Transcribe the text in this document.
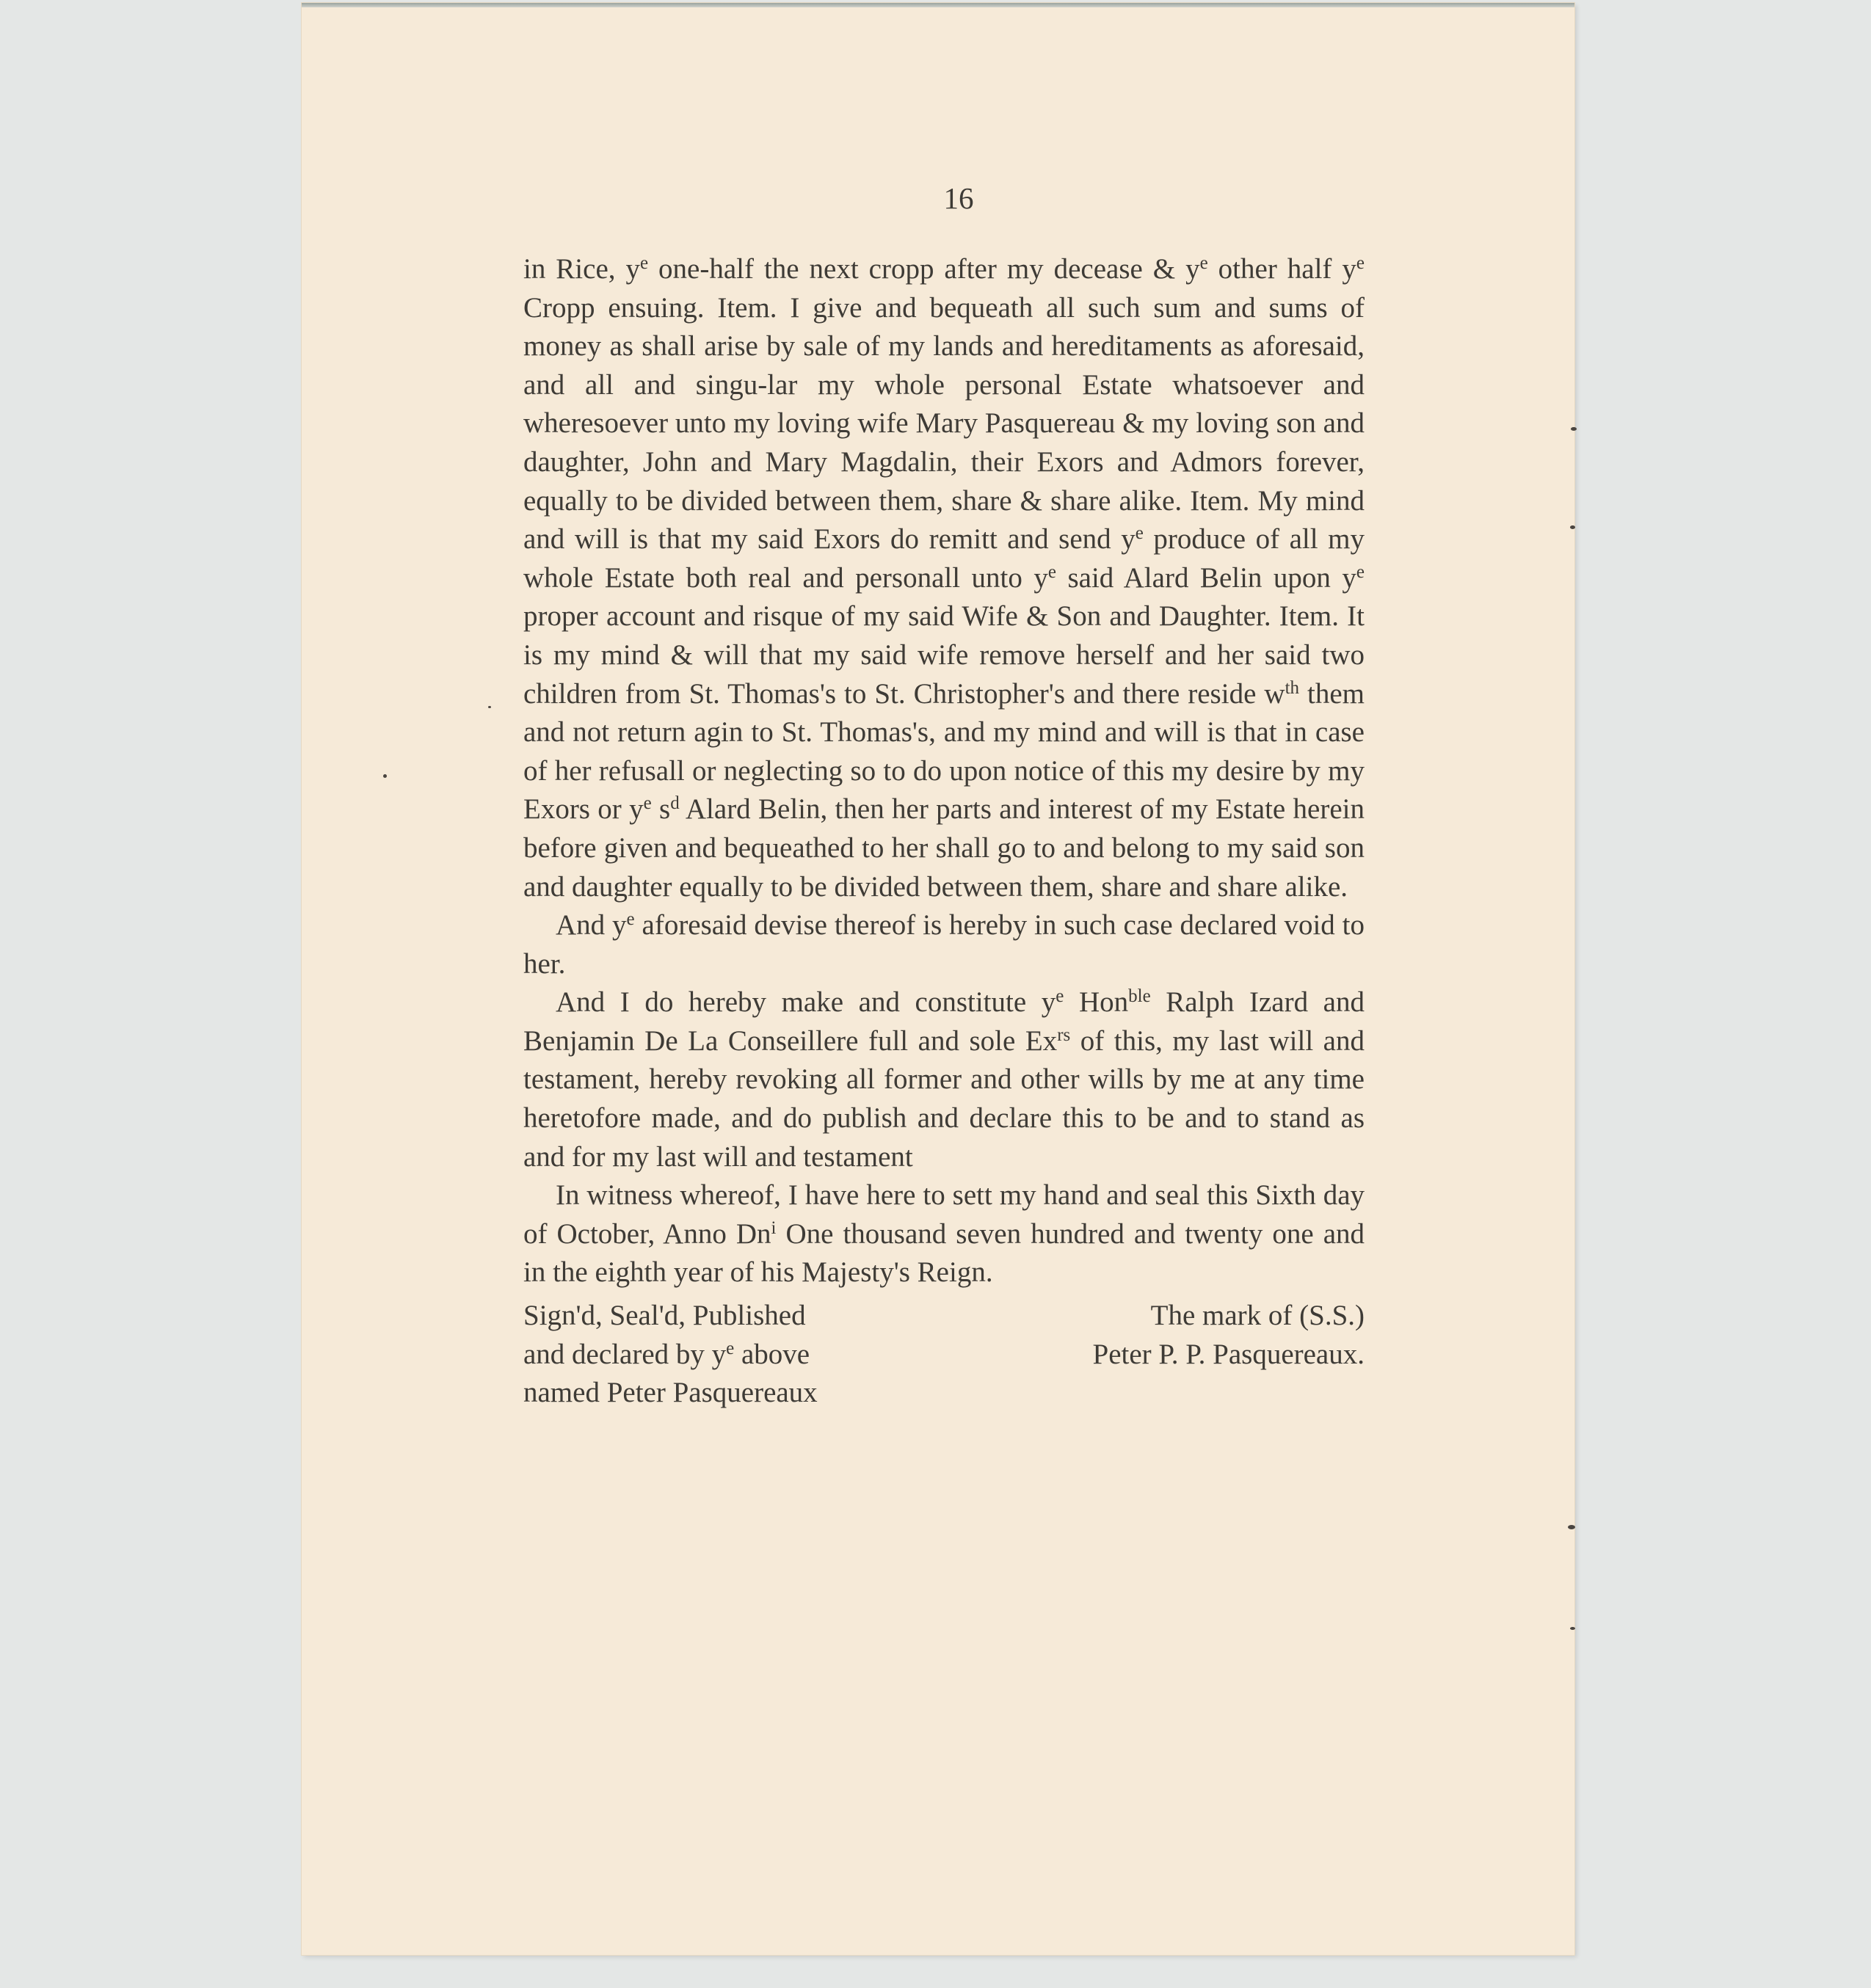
16

in Rice, $y^e$ one-half the next cropp after my decease & $y^e$ other half $y^e$ Cropp ensuing. Item. I give and bequeath all such sum and sums of money as shall arise by sale of my lands and hereditaments as aforesaid, and all and singu-lar my whole personal Estate whatsoever and wheresoever unto my loving wife Mary Pasquereau & my loving son and daughter, John and Mary Magdalin, their Exors and Admors forever, equally to be divided between them, share & share alike. Item. My mind and will is that my said Exors do remitt and send $y^e$ produce of all my whole Estate both real and personall unto $y^e$ said Alard Belin upon $y^e$ proper account and risque of my said Wife & Son and Daughter. Item. It is my mind & will that my said wife remove herself and her said two children from St. Thomas's to St. Christopher's and there reside $w^{th}$ them and not return agin to St. Thomas's, and my mind and will is that in case of her refusall or neglecting so to do upon notice of this my desire by my Exors or $y^e$ $s^d$ Alard Belin, then her parts and interest of my Estate herein before given and bequeathed to her shall go to and belong to my said son and daughter equally to be divided between them, share and share alike.

And $y^e$ aforesaid devise thereof is hereby in such case declared void to her.

And I do hereby make and constitute $y^e$ Hon$^{ble}$ Ralph Izard and Benjamin De La Conseillere full and sole $Ex^{rs}$ of this, my last will and testament, hereby revoking all former and other wills by me at any time heretofore made, and do publish and declare this to be and to stand as and for my last will and testament

In witness whereof, I have here to sett my hand and seal this Sixth day of October, Anno Dn$^i$ One thousand seven hundred and twenty one and in the eighth year of his Majesty's Reign.

Sign'd, Seal'd, Published
and declared by $y^e$ above
named Peter Pasquereaux
The mark of (S.S.)
Peter P. P. Pasquereaux.
